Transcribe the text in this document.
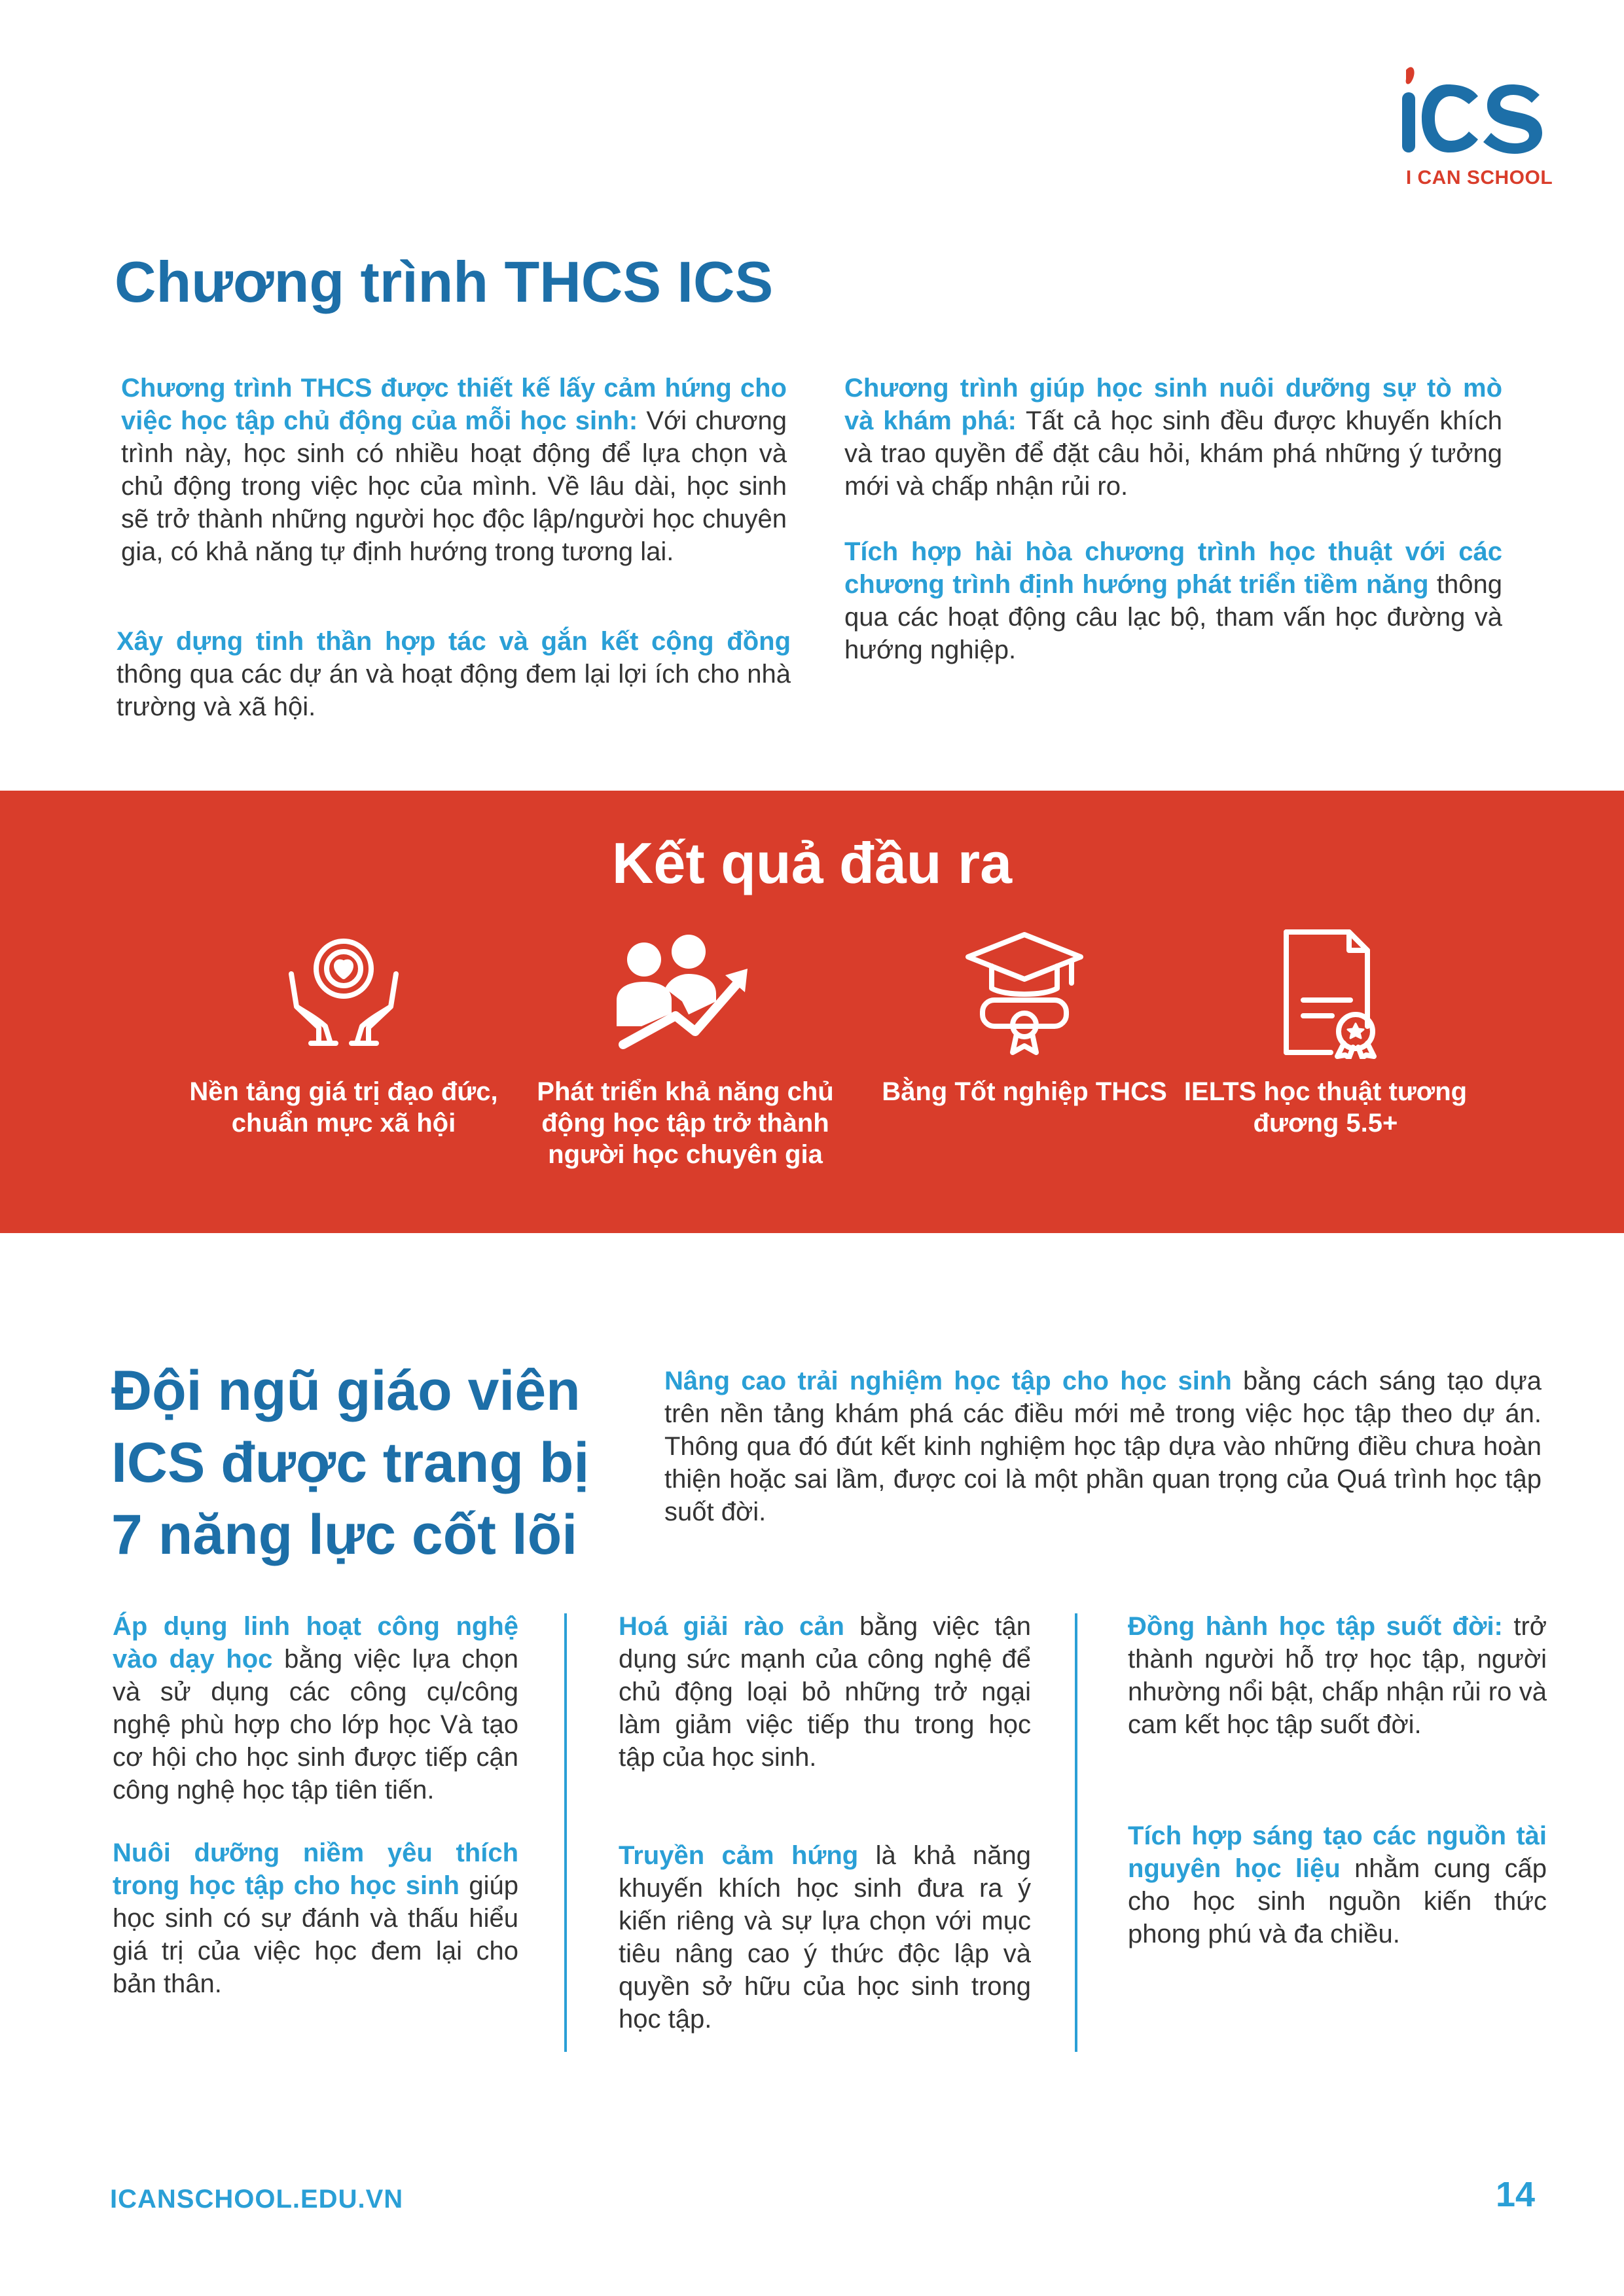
I CAN SCHOOL
Chương trình THCS ICS
Chương trình THCS được thiết kế lấy cảm hứng cho việc học tập chủ động của mỗi học sinh: Với chương trình này, học sinh có nhiều hoạt động để lựa chọn và chủ động trong việc học của mình. Về lâu dài, học sinh sẽ trở thành những người học độc lập/người học chuyên gia, có khả năng tự định hướng trong tương lai.
Xây dựng tinh thần hợp tác và gắn kết cộng đồng thông qua các dự án và hoạt động đem lại lợi ích cho nhà trường và xã hội.
Chương trình giúp học sinh nuôi dưỡng sự tò mò và khám phá: Tất cả học sinh đều được khuyến khích và trao quyền để đặt câu hỏi, khám phá những ý tưởng mới và chấp nhận rủi ro.
Tích hợp hài hòa chương trình học thuật với các chương trình định hướng phát triển tiềm năng thông qua các hoạt động câu lạc bộ, tham vấn học đường và hướng nghiệp.
Kết quả đầu ra
Nền tảng giá trị đạo đức, chuẩn mực xã hội
Phát triển khả năng chủ động học tập trở thành người học chuyên gia
Bằng Tốt nghiệp THCS IELTS học thuật tương đương 5.5+
Đội ngũ giáo viên ICS được trang bị 7 năng lực cốt lõi
Nâng cao trải nghiệm học tập cho học sinh bằng cách sáng tạo dựa trên nền tảng khám phá các điều mới mẻ trong việc học tập theo dự án. Thông qua đó đút kết kinh nghiệm học tập dựa vào những điều chưa hoàn thiện hoặc sai lầm, được coi là một phần quan trọng của Quá trình học tập suốt đời.
Áp dụng linh hoạt công nghệ vào dạy học bằng việc lựa chọn và sử dụng các công cụ/công nghệ phù hợp cho lớp học Và tạo cơ hội cho học sinh được tiếp cận công nghệ học tập tiên tiến.
Nuôi dưỡng niềm yêu thích trong học tập cho học sinh giúp học sinh có sự đánh và thấu hiểu giá trị của việc học đem lại cho bản thân.
Hoá giải rào cản bằng việc tận dụng sức mạnh của công nghệ để chủ động loại bỏ những trở ngại làm giảm việc tiếp thu trong học tập của học sinh.
Truyền cảm hứng là khả năng khuyến khích học sinh đưa ra ý kiến riêng và sự lựa chọn với mục tiêu nâng cao ý thức độc lập và quyền sở hữu của học sinh trong học tập.
Đồng hành học tập suốt đời: trở thành người hỗ trợ học tập, người nhường nổi bật, chấp nhận rủi ro và cam kết học tập suốt đời.
Tích hợp sáng tạo các nguồn tài nguyên học liệu nhằm cung cấp cho học sinh nguồn kiến thức phong phú và đa chiều.
ICANSCHOOL.EDU.VN	14
